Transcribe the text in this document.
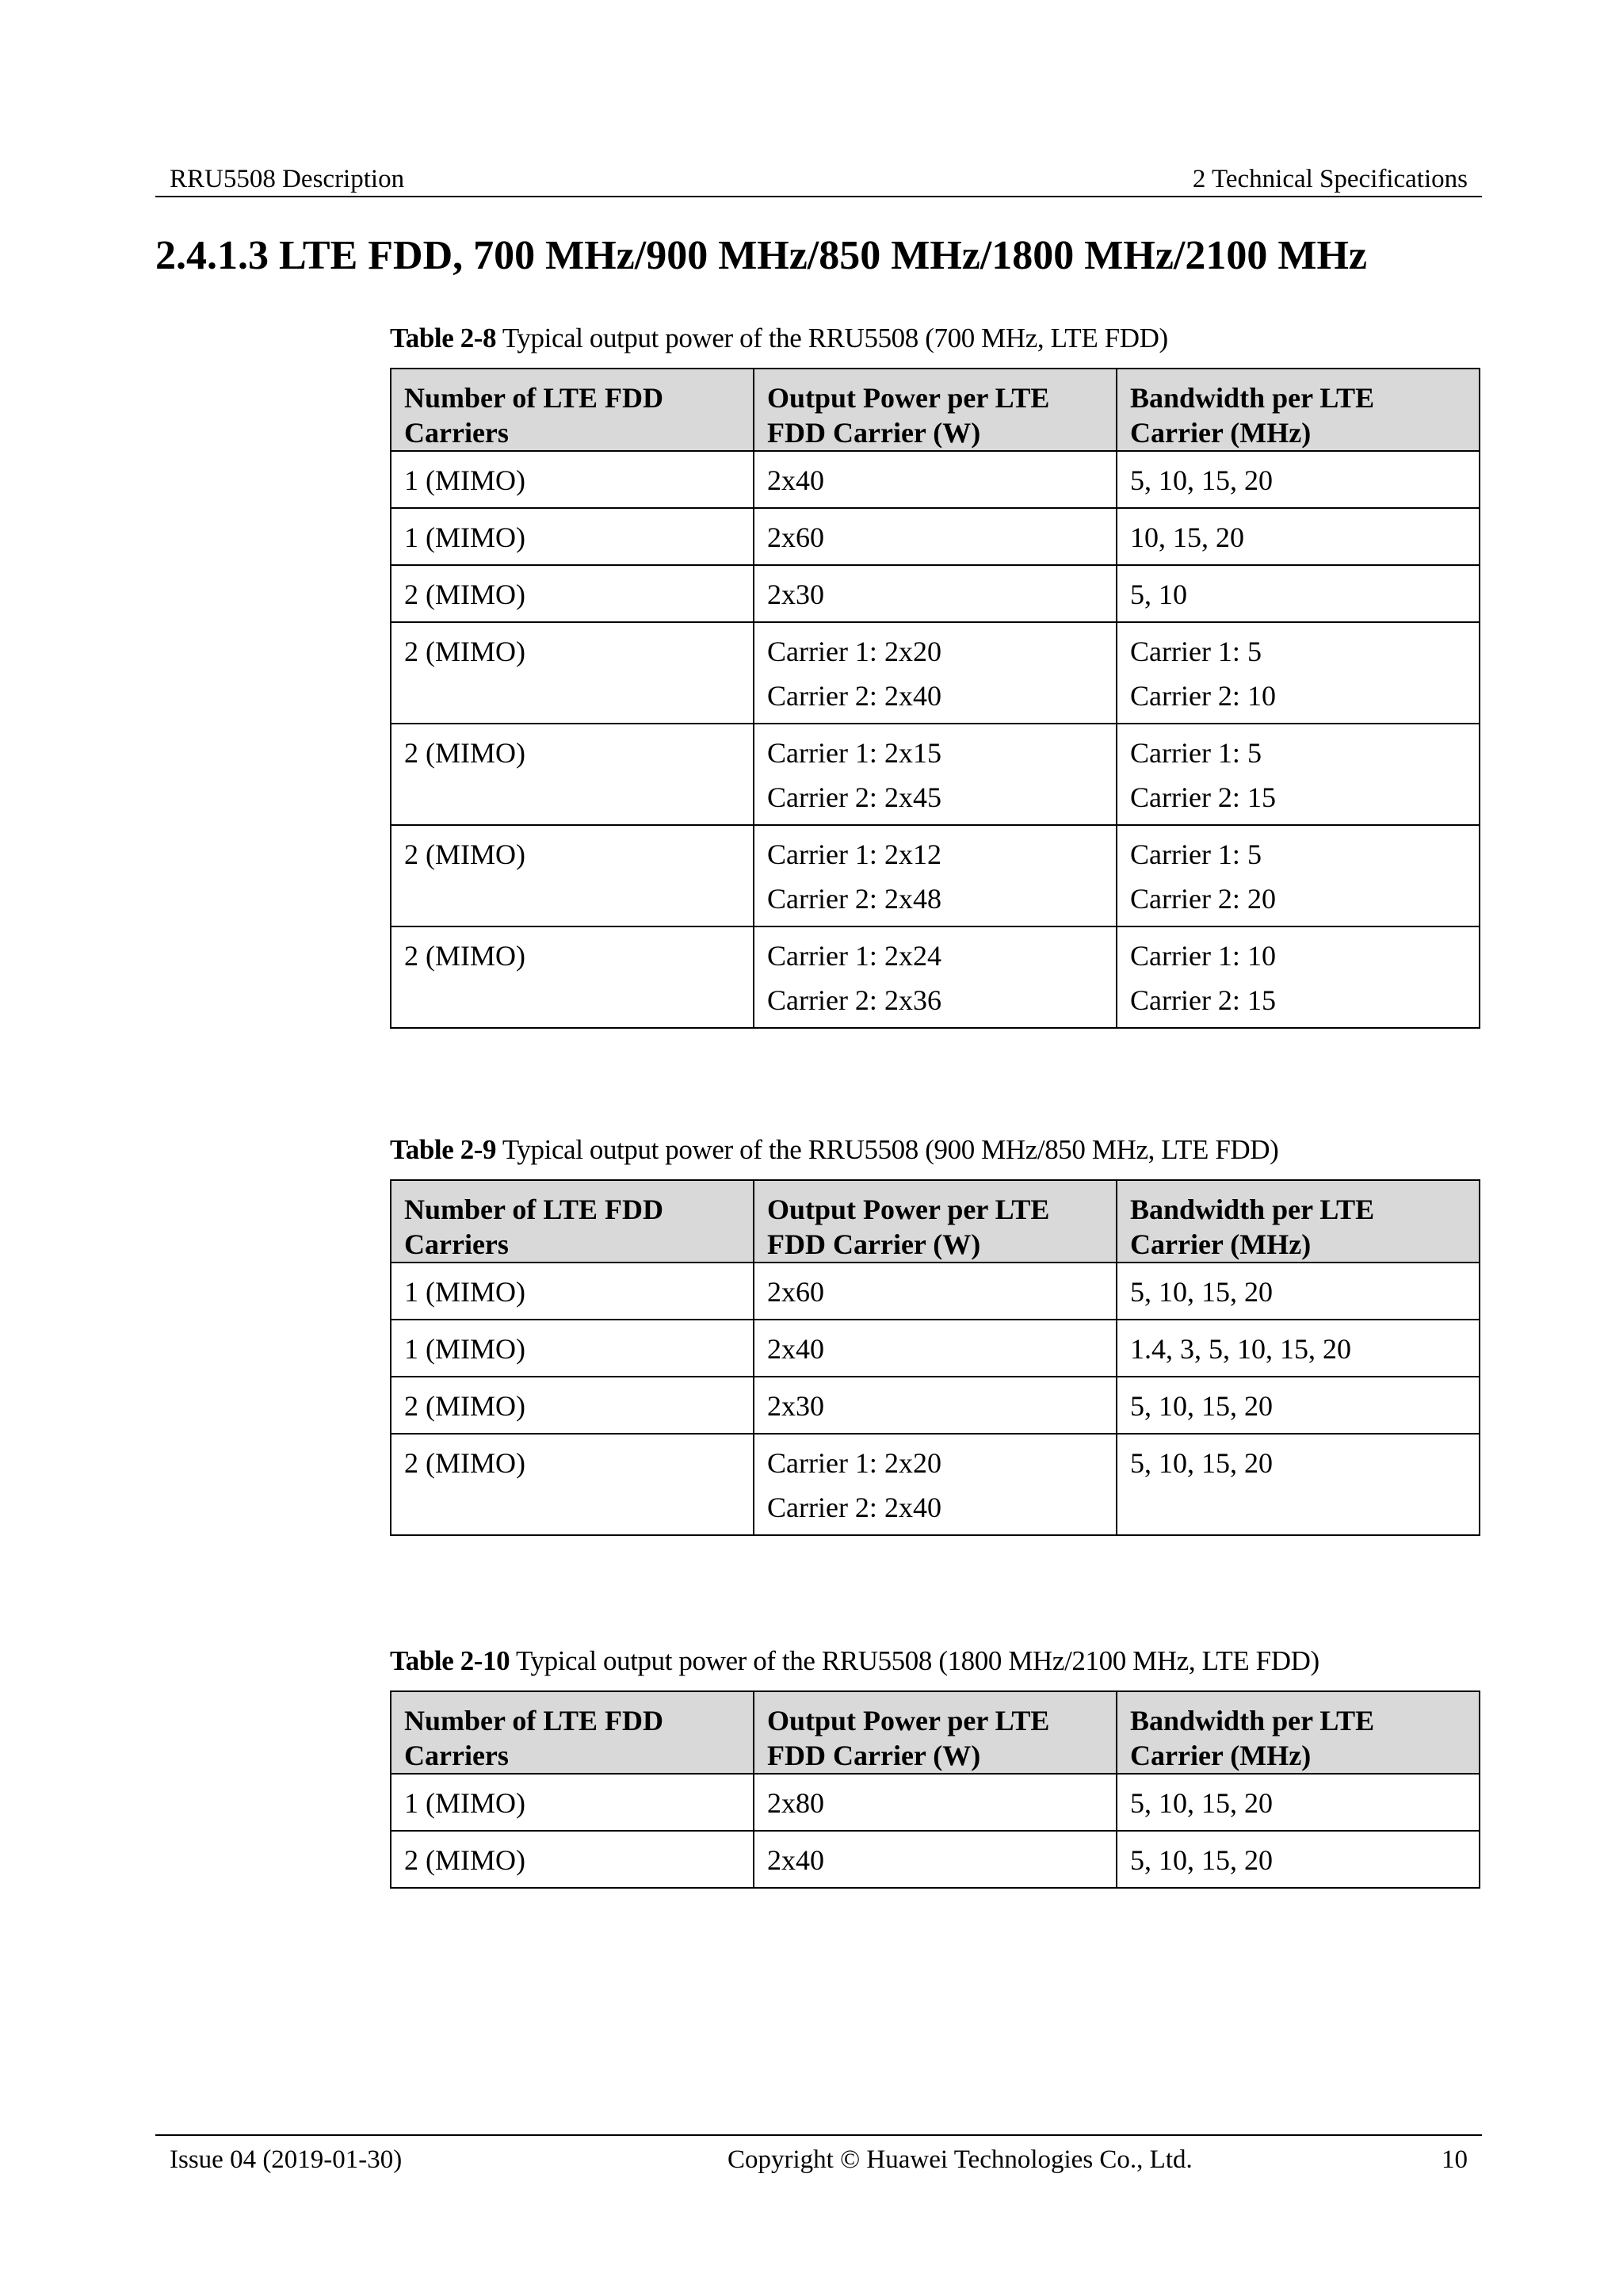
RRU5508 Description	2 Technical Specifications
2.4.1.3 LTE FDD, 700 MHz/900 MHz/850 MHz/1800 MHz/2100 MHz
Table 2-8 Typical output power of the RRU5508 (700 MHz, LTE FDD)
Number of LTE FDD Carriers	Output Power per LTE FDD Carrier (W)	Bandwidth per LTE Carrier (MHz)

1 (MIMO)	2x40	5, 10, 15, 20

1 (MIMO)	2x60	10, 15, 20

2 (MIMO)	2x30	5, 10

2 (MIMO)	Carrier 1: 2x20
Carrier 2: 2x40	Carrier 1: 5
Carrier 2: 10

2 (MIMO)	Carrier 1: 2x15
Carrier 2: 2x45	Carrier 1: 5
Carrier 2: 15

2 (MIMO)	Carrier 1: 2x12
Carrier 2: 2x48	Carrier 1: 5
Carrier 2: 20

2 (MIMO)	Carrier 1: 2x24
Carrier 2: 2x36	Carrier 1: 10
Carrier 2: 15
Table 2-9 Typical output power of the RRU5508 (900 MHz/850 MHz, LTE FDD)
Number of LTE FDD Carriers	Output Power per LTE FDD Carrier (W)	Bandwidth per LTE Carrier (MHz)

1 (MIMO)	2x60	5, 10, 15, 20

1 (MIMO)	2x40	1.4, 3, 5, 10, 15, 20

2 (MIMO)	2x30	5, 10, 15, 20

2 (MIMO)	Carrier 1: 2x20
Carrier 2: 2x40	5, 10, 15, 20
Table 2-10 Typical output power of the RRU5508 (1800 MHz/2100 MHz, LTE FDD)
Number of LTE FDD Carriers	Output Power per LTE FDD Carrier (W)	Bandwidth per LTE Carrier (MHz)

1 (MIMO)	2x80	5, 10, 15, 20

2 (MIMO)	2x40	5, 10, 15, 20
Issue 04 (2019-01-30)	Copyright © Huawei Technologies Co., Ltd.	10
